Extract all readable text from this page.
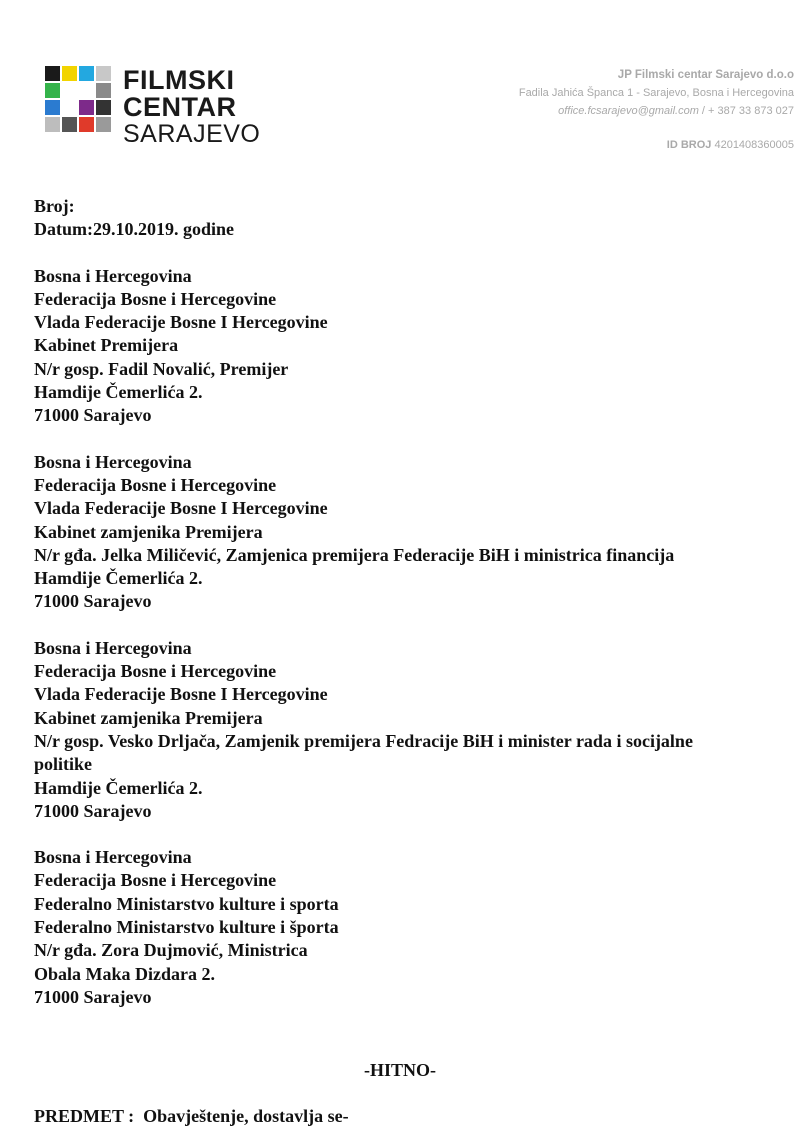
FILMSKI
CENTAR
SARAJEVO
JP Filmski centar Sarajevo d.o.o
Fadila Jahića Španca 1 - Sarajevo, Bosna i Hercegovina
office.fcsarajevo@gmail.com / + 387 33 873 027
ID BROJ 4201408360005
Broj:
Datum:29.10.2019. godine
Bosna i Hercegovina
Federacija Bosne i Hercegovine
Vlada Federacije Bosne I Hercegovine
Kabinet Premijera
N/r gosp. Fadil Novalić, Premijer
Hamdije Čemerlića 2.
71000 Sarajevo
Bosna i Hercegovina
Federacija Bosne i Hercegovine
Vlada Federacije Bosne I Hercegovine
Kabinet zamjenika Premijera
N/r gđa. Jelka Miličević, Zamjenica premijera Federacije BiH i ministrica financija
Hamdije Čemerlića 2.
71000 Sarajevo
Bosna i Hercegovina
Federacija Bosne i Hercegovine
Vlada Federacije Bosne I Hercegovine
Kabinet zamjenika Premijera
N/r gosp. Vesko Drljača, Zamjenik premijera Fedracije BiH i minister rada i socijalne
politike
Hamdije Čemerlića 2.
71000 Sarajevo
Bosna i Hercegovina
Federacija Bosne i Hercegovine
Federalno Ministarstvo kulture i sporta
Federalno Ministarstvo kulture i športa
N/r gđa. Zora Dujmović, Ministrica
Obala Maka Dizdara 2.
71000 Sarajevo
-HITNO-
PREDMET :  Obavještenje, dostavlja se-
